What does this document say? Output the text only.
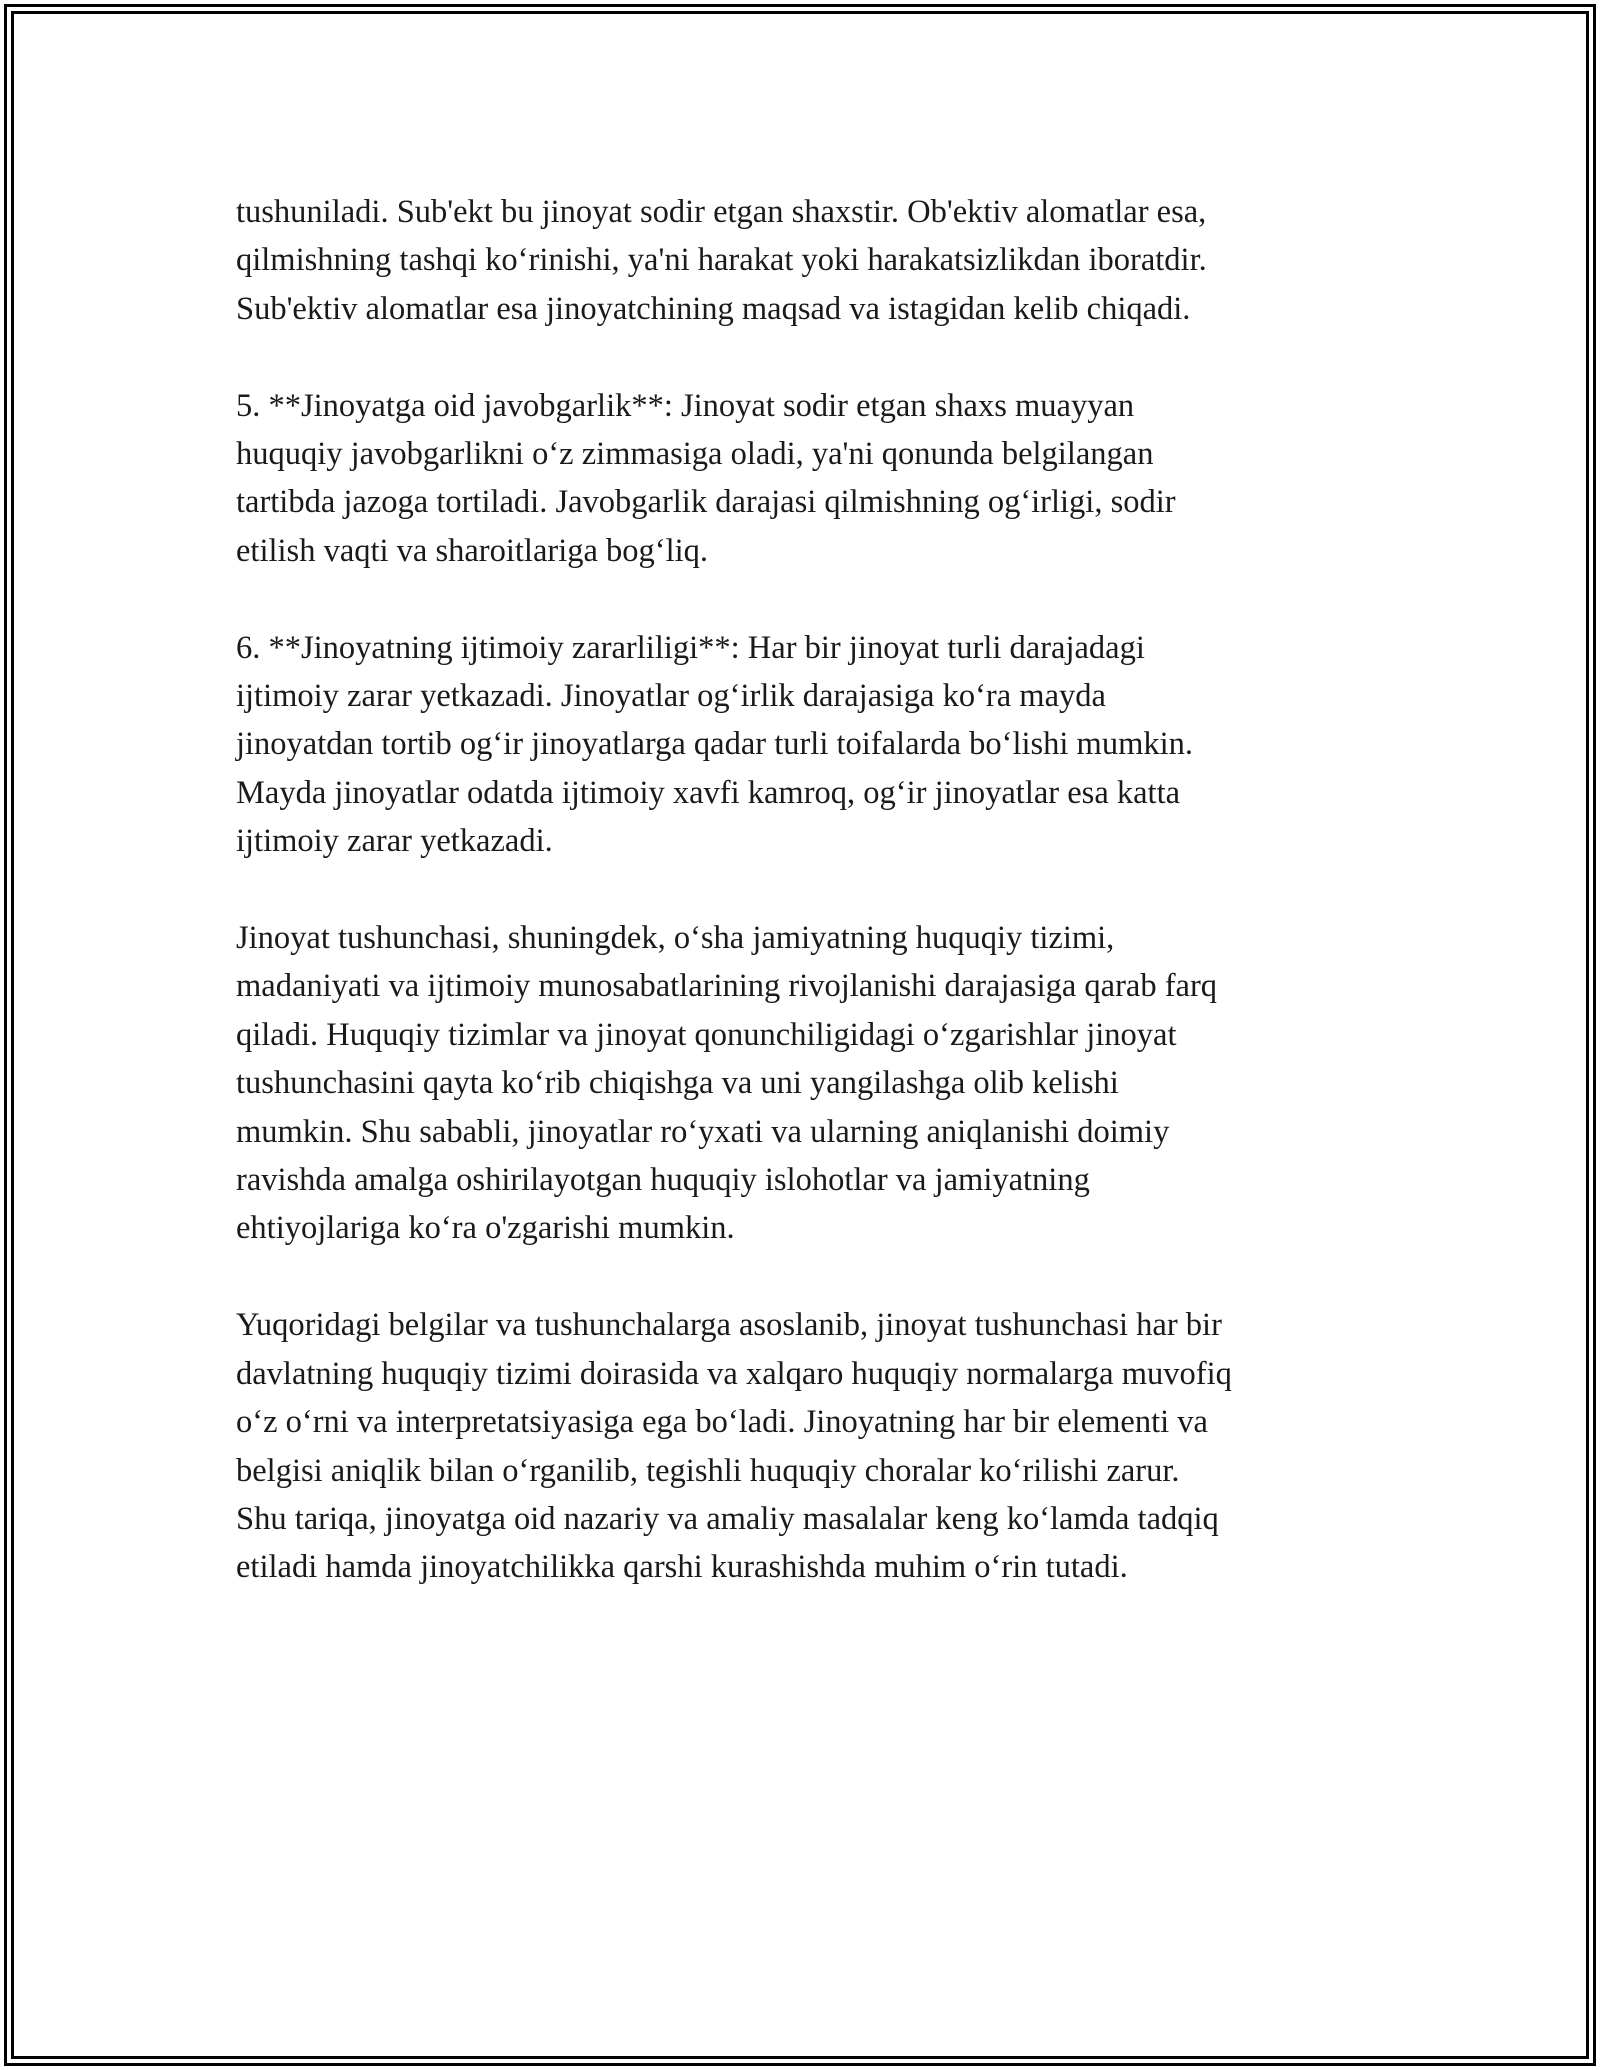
tushuniladi. Sub'ekt bu jinoyat sodir etgan shaxstir. Ob'ektiv alomatlar esa,
qilmishning tashqi koʻrinishi, ya'ni harakat yoki harakatsizlikdan iboratdir.
Sub'ektiv alomatlar esa jinoyatchining maqsad va istagidan kelib chiqadi.

5. **Jinoyatga oid javobgarlik**: Jinoyat sodir etgan shaxs muayyan
huquqiy javobgarlikni oʻz zimmasiga oladi, ya'ni qonunda belgilangan
tartibda jazoga tortiladi. Javobgarlik darajasi qilmishning ogʻirligi, sodir
etilish vaqti va sharoitlariga bogʻliq.

6. **Jinoyatning ijtimoiy zararliligi**: Har bir jinoyat turli darajadagi
ijtimoiy zarar yetkazadi. Jinoyatlar ogʻirlik darajasiga koʻra mayda
jinoyatdan tortib ogʻir jinoyatlarga qadar turli toifalarda boʻlishi mumkin.
Mayda jinoyatlar odatda ijtimoiy xavfi kamroq, ogʻir jinoyatlar esa katta
ijtimoiy zarar yetkazadi.

Jinoyat tushunchasi, shuningdek, oʻsha jamiyatning huquqiy tizimi,
madaniyati va ijtimoiy munosabatlarining rivojlanishi darajasiga qarab farq
qiladi. Huquqiy tizimlar va jinoyat qonunchiligidagi oʻzgarishlar jinoyat
tushunchasini qayta koʻrib chiqishga va uni yangilashga olib kelishi
mumkin. Shu sababli, jinoyatlar roʻyxati va ularning aniqlanishi doimiy
ravishda amalga oshirilayotgan huquqiy islohotlar va jamiyatning
ehtiyojlariga koʻra o'zgarishi mumkin.

Yuqoridagi belgilar va tushunchalarga asoslanib, jinoyat tushunchasi har bir
davlatning huquqiy tizimi doirasida va xalqaro huquqiy normalarga muvofiq
oʻz oʻrni va interpretatsiyasiga ega boʻladi. Jinoyatning har bir elementi va
belgisi aniqlik bilan oʻrganilib, tegishli huquqiy choralar koʻrilishi zarur.
Shu tariqa, jinoyatga oid nazariy va amaliy masalalar keng koʻlamda tadqiq
etiladi hamda jinoyatchilikka qarshi kurashishda muhim oʻrin tutadi.
